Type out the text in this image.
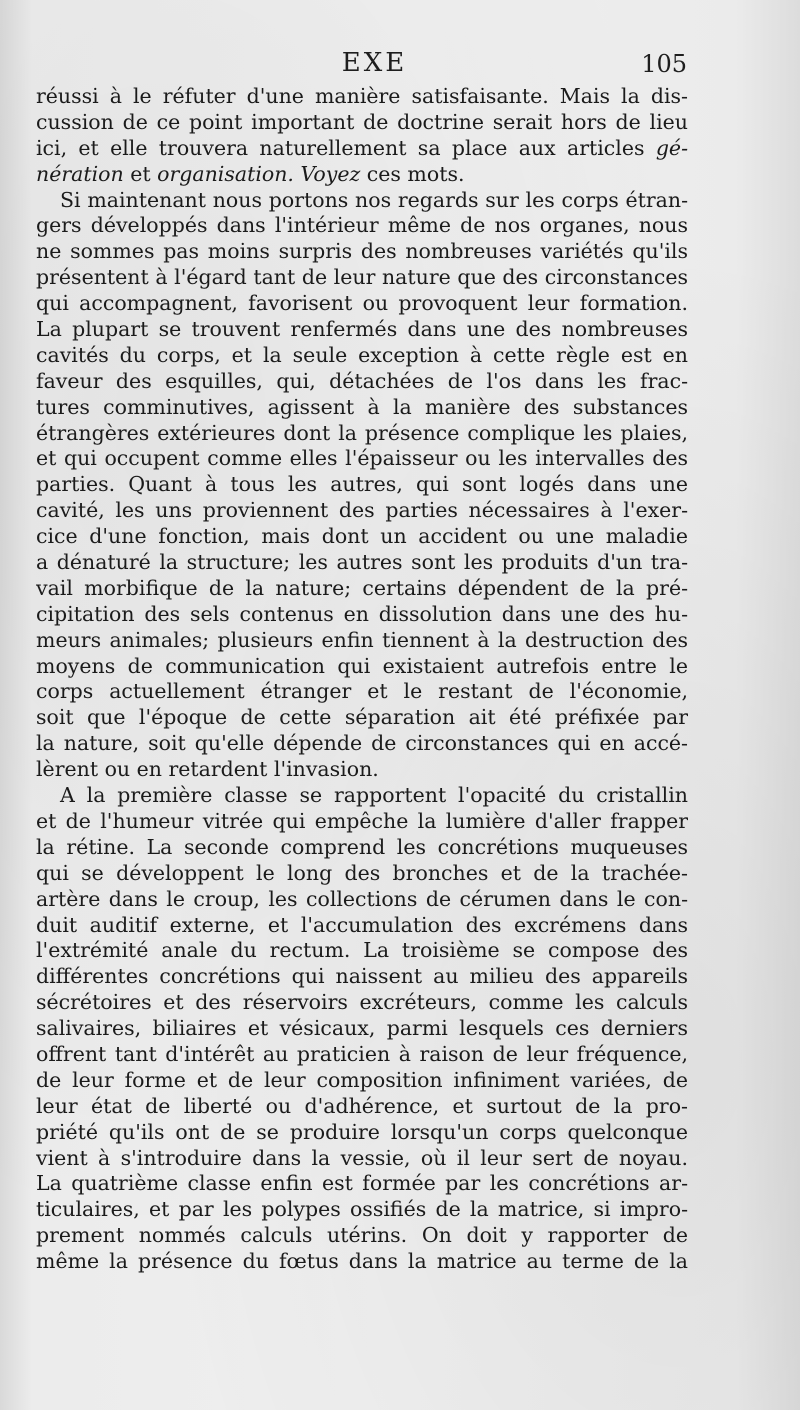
EXE	105
réussi à le réfuter d'une manière satisfaisante. Mais la dis-
cussion de ce point important de doctrine serait hors de lieu
ici, et elle trouvera naturellement sa place aux articles gé-
nération et organisation. Voyez ces mots.
Si maintenant nous portons nos regards sur les corps étran-
gers développés dans l'intérieur même de nos organes, nous
ne sommes pas moins surpris des nombreuses variétés qu'ils
présentent à l'égard tant de leur nature que des circonstances
qui accompagnent, favorisent ou provoquent leur formation.
La plupart se trouvent renfermés dans une des nombreuses
cavités du corps, et la seule exception à cette règle est en
faveur des esquilles, qui, détachées de l'os dans les frac-
tures comminutives, agissent à la manière des substances
étrangères extérieures dont la présence complique les plaies,
et qui occupent comme elles l'épaisseur ou les intervalles des
parties. Quant à tous les autres, qui sont logés dans une
cavité, les uns proviennent des parties nécessaires à l'exer-
cice d'une fonction, mais dont un accident ou une maladie
a dénaturé la structure; les autres sont les produits d'un tra-
vail morbifique de la nature; certains dépendent de la pré-
cipitation des sels contenus en dissolution dans une des hu-
meurs animales; plusieurs enfin tiennent à la destruction des
moyens de communication qui existaient autrefois entre le
corps actuellement étranger et le restant de l'économie,
soit que l'époque de cette séparation ait été préfixée par
la nature, soit qu'elle dépende de circonstances qui en accé-
lèrent ou en retardent l'invasion.
A la première classe se rapportent l'opacité du cristallin
et de l'humeur vitrée qui empêche la lumière d'aller frapper
la rétine. La seconde comprend les concrétions muqueuses
qui se développent le long des bronches et de la trachée-
artère dans le croup, les collections de cérumen dans le con-
duit auditif externe, et l'accumulation des excrémens dans
l'extrémité anale du rectum. La troisième se compose des
différentes concrétions qui naissent au milieu des appareils
sécrétoires et des réservoirs excréteurs, comme les calculs
salivaires, biliaires et vésicaux, parmi lesquels ces derniers
offrent tant d'intérêt au praticien à raison de leur fréquence,
de leur forme et de leur composition infiniment variées, de
leur état de liberté ou d'adhérence, et surtout de la pro-
priété qu'ils ont de se produire lorsqu'un corps quelconque
vient à s'introduire dans la vessie, où il leur sert de noyau.
La quatrième classe enfin est formée par les concrétions ar-
ticulaires, et par les polypes ossifiés de la matrice, si impro-
prement nommés calculs utérins. On doit y rapporter de
même la présence du fœtus dans la matrice au terme de la
